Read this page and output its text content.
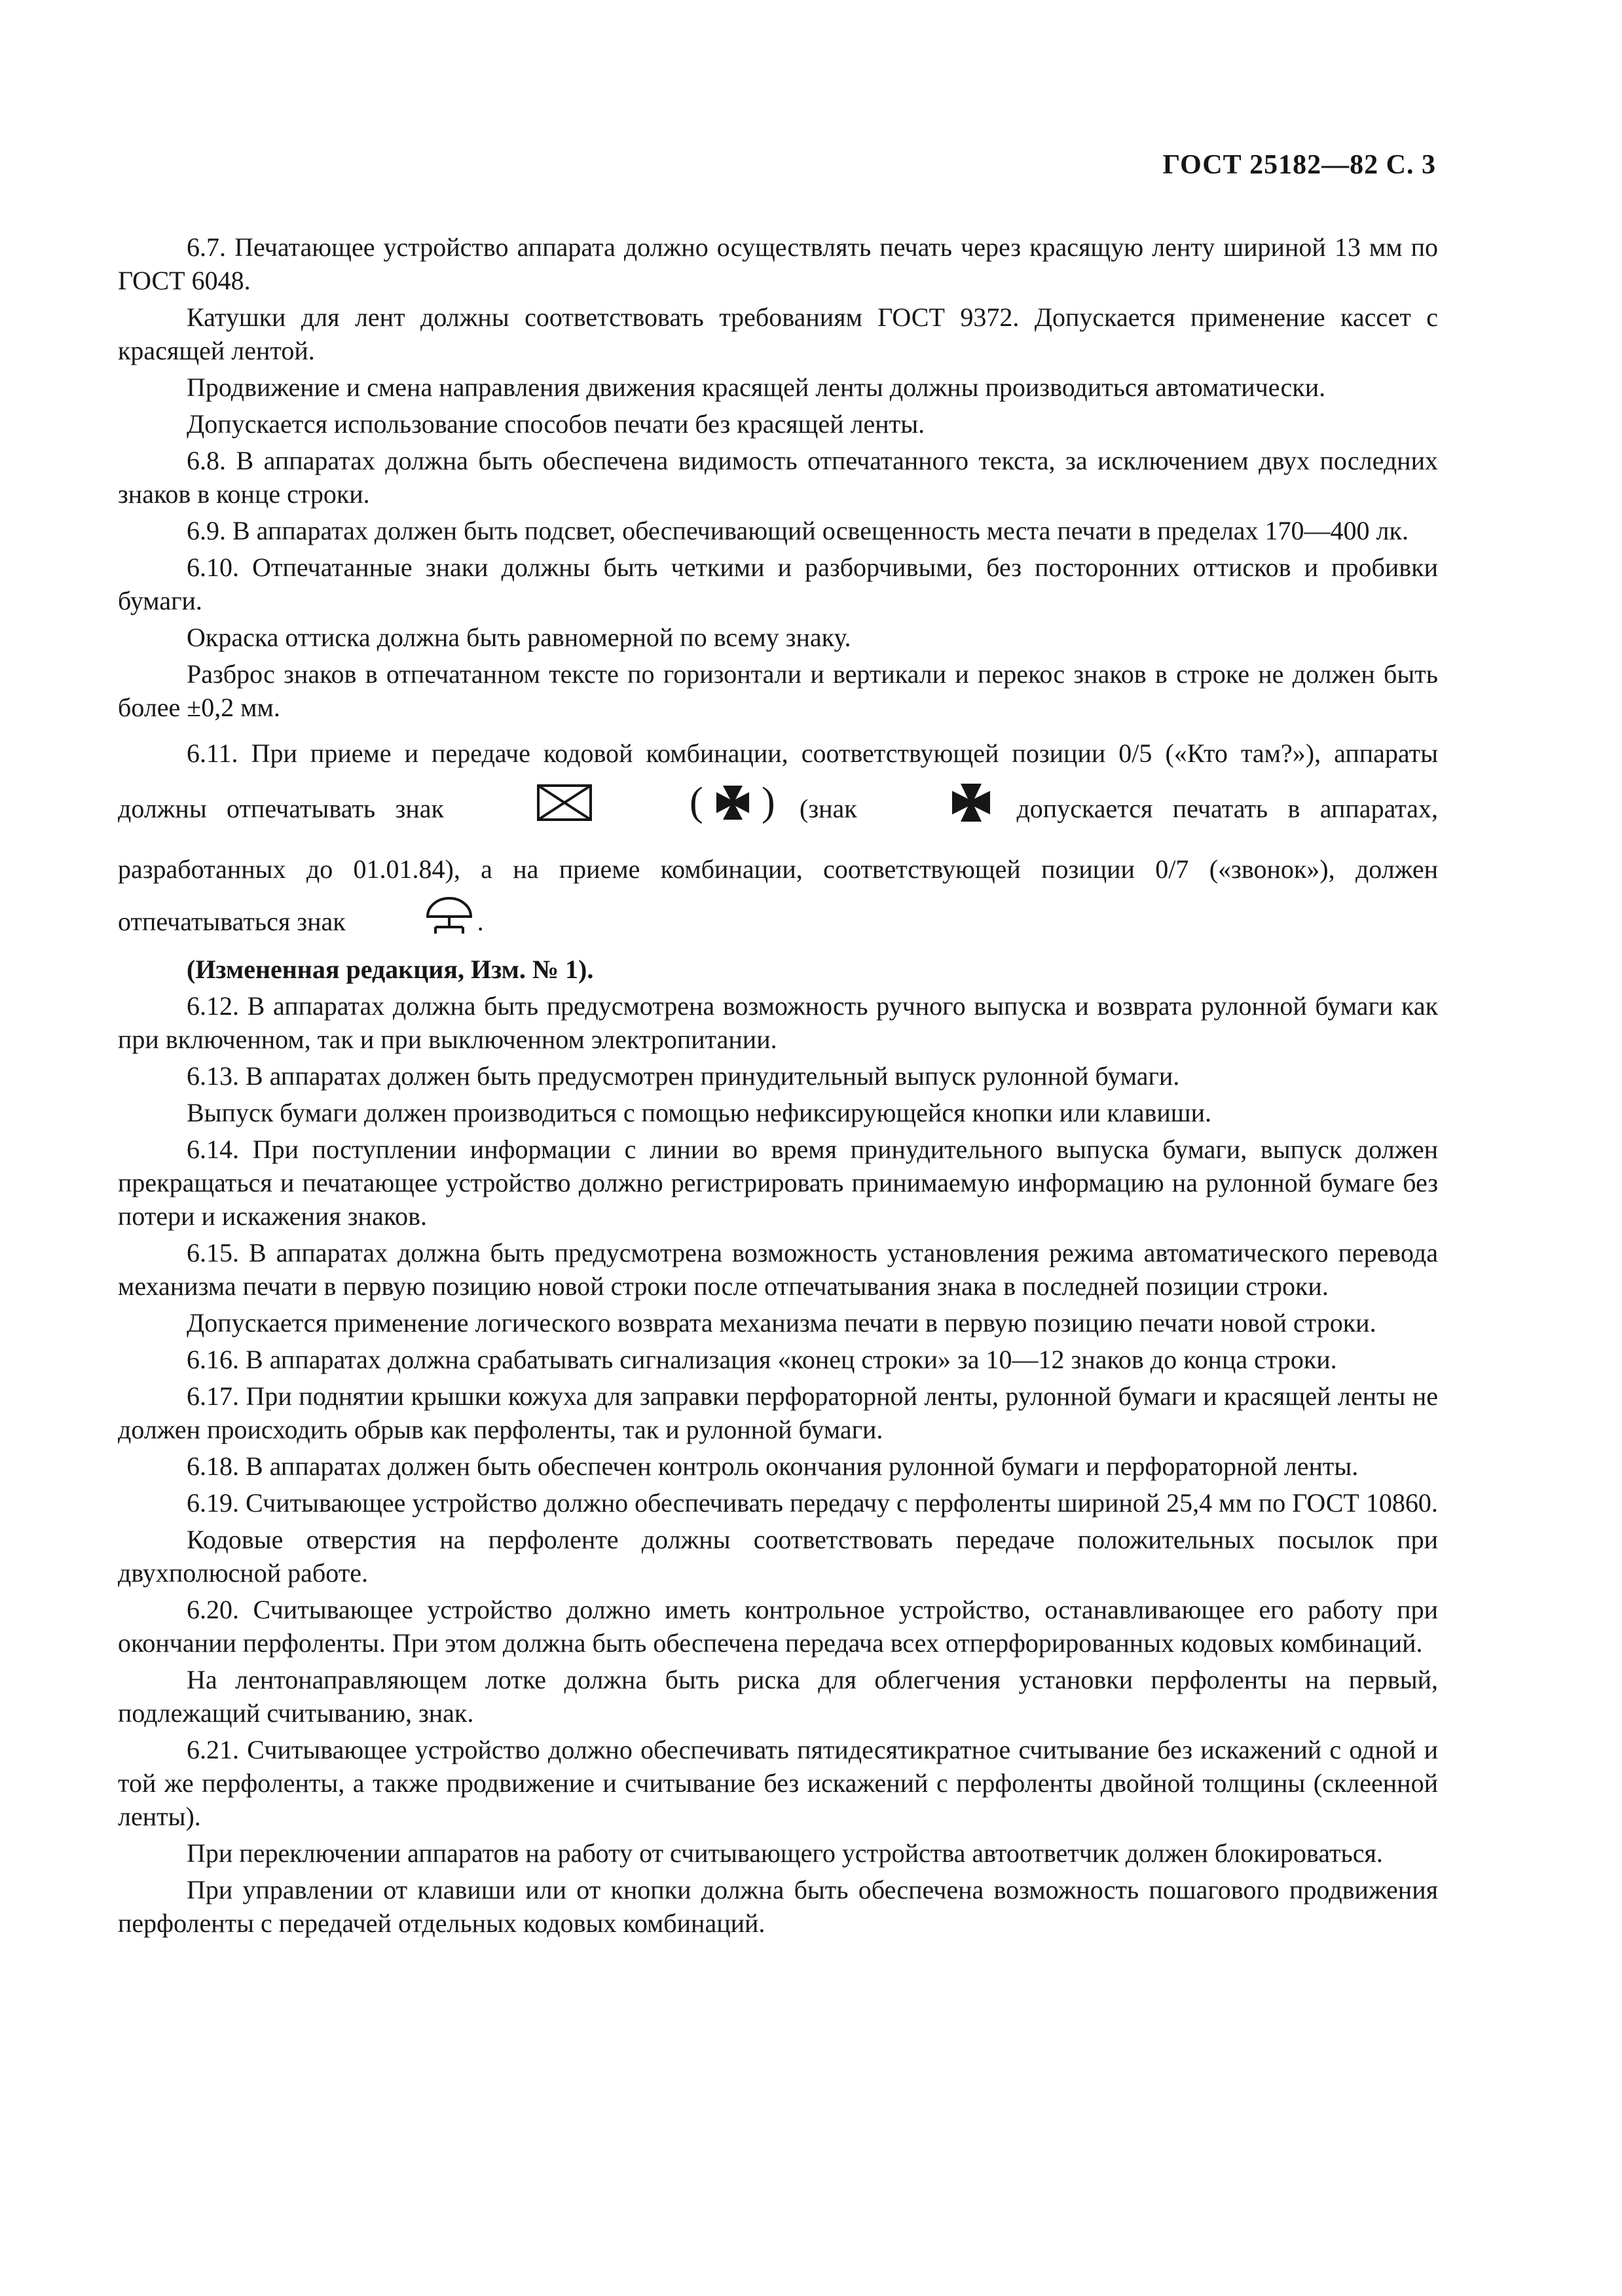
ГОСТ 25182—82 С. 3

6.7. Печатающее устройство аппарата должно осуществлять печать через красящую ленту шириной 13 мм по ГОСТ 6048.

Катушки для лент должны соответствовать требованиям ГОСТ 9372. Допускается применение кассет с красящей лентой.

Продвижение и смена направления движения красящей ленты должны производиться автоматически.

Допускается использование способов печати без красящей ленты.

6.8. В аппаратах должна быть обеспечена видимость отпечатанного текста, за исключением двух последних знаков в конце строки.

6.9. В аппаратах должен быть подсвет, обеспечивающий освещенность места печати в пределах 170—400 лк.

6.10. Отпечатанные знаки должны быть четкими и разборчивыми, без посторонних оттисков и пробивки бумаги.

Окраска оттиска должна быть равномерной по всему знаку.

Разброс знаков в отпечатанном тексте по горизонтали и вертикали и перекос знаков в строке не должен быть более ±0,2 мм.

6.11. При приеме и передаче кодовой комбинации, соответствующей позиции 0/5 («Кто там?»), аппараты должны отпечатывать знак	( ) (знак	допускается печатать в аппаратах, разработанных до 01.01.84), а на приеме комбинации, соответствующей позиции 0/7 («звонок»), должен отпечатываться знак	.

(Измененная редакция, Изм. № 1).

6.12. В аппаратах должна быть предусмотрена возможность ручного выпуска и возврата рулонной бумаги как при включенном, так и при выключенном электропитании.

6.13. В аппаратах должен быть предусмотрен принудительный выпуск рулонной бумаги.

Выпуск бумаги должен производиться с помощью нефиксирующейся кнопки или клавиши.

6.14. При поступлении информации с линии во время принудительного выпуска бумаги, выпуск должен прекращаться и печатающее устройство должно регистрировать принимаемую информацию на рулонной бумаге без потери и искажения знаков.

6.15. В аппаратах должна быть предусмотрена возможность установления режима автоматического перевода механизма печати в первую позицию новой строки после отпечатывания знака в последней позиции строки.

Допускается применение логического возврата механизма печати в первую позицию печати новой строки.

6.16. В аппаратах должна срабатывать сигнализация «конец строки» за 10—12 знаков до конца строки.

6.17. При поднятии крышки кожуха для заправки перфораторной ленты, рулонной бумаги и красящей ленты не должен происходить обрыв как перфоленты, так и рулонной бумаги.

6.18. В аппаратах должен быть обеспечен контроль окончания рулонной бумаги и перфораторной ленты.

6.19. Считывающее устройство должно обеспечивать передачу с перфоленты шириной 25,4 мм по ГОСТ 10860.

Кодовые отверстия на перфоленте должны соответствовать передаче положительных посылок при двухполюсной работе.

6.20. Считывающее устройство должно иметь контрольное устройство, останавливающее его работу при окончании перфоленты. При этом должна быть обеспечена передача всех отперфорированных кодовых комбинаций.

На лентонаправляющем лотке должна быть риска для облегчения установки перфоленты на первый, подлежащий считыванию, знак.

6.21. Считывающее устройство должно обеспечивать пятидесятикратное считывание без искажений с одной и той же перфоленты, а также продвижение и считывание без искажений с перфоленты двойной толщины (склеенной ленты).

При переключении аппаратов на работу от считывающего устройства автоответчик должен блокироваться.

При управлении от клавиши или от кнопки должна быть обеспечена возможность пошагового продвижения перфоленты с передачей отдельных кодовых комбинаций.
